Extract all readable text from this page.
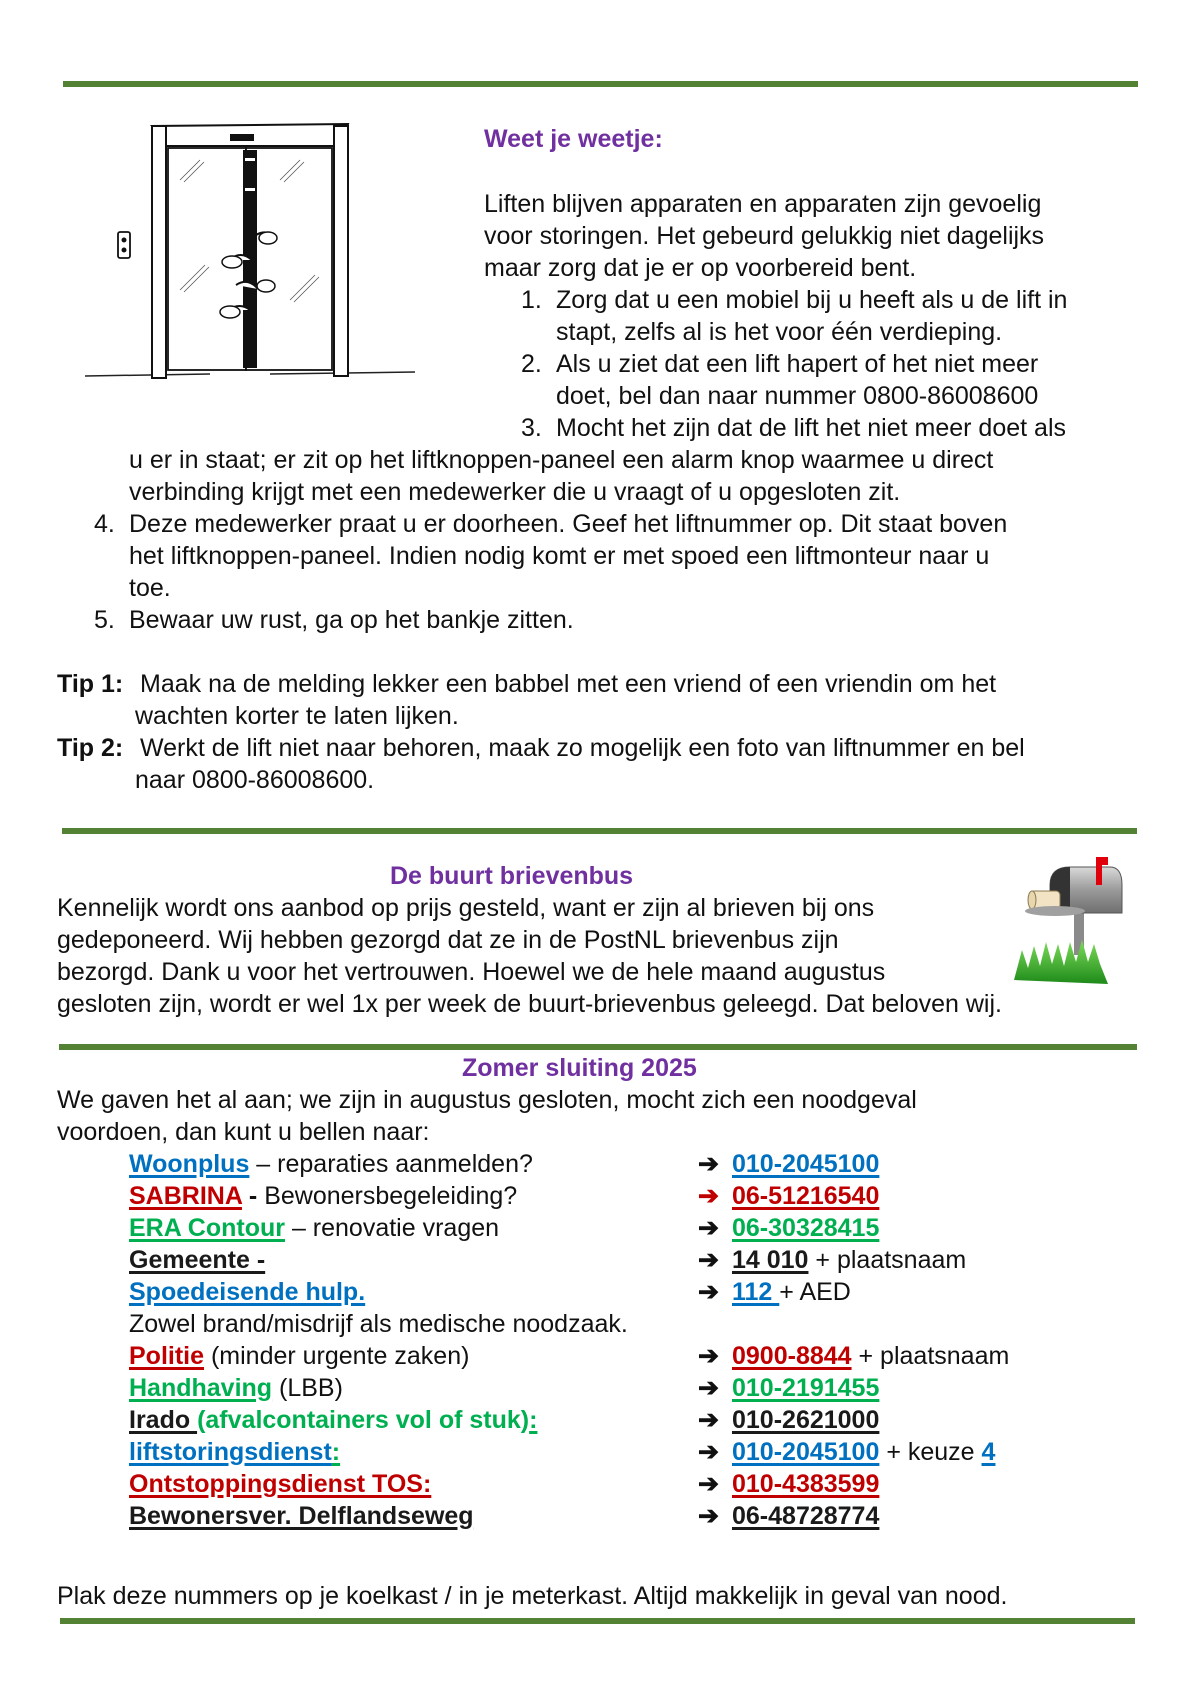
Weet je weetje:
Liften blijven apparaten en apparaten zijn gevoelig
voor storingen. Het gebeurd gelukkig niet dagelijks
maar zorg dat je er op voorbereid bent.
1. Zorg dat u een mobiel bij u heeft als u de lift in
stapt, zelfs al is het voor één verdieping.
2. Als u ziet dat een lift hapert of het niet meer
doet, bel dan naar nummer 0800-86008600
3. Mocht het zijn dat de lift het niet meer doet als
u er in staat; er zit op het liftknoppen-paneel een alarm knop waarmee u direct
verbinding krijgt met een medewerker die u vraagt of u opgesloten zit.
4. Deze medewerker praat u er doorheen. Geef het liftnummer op. Dit staat boven
het liftknoppen-paneel. Indien nodig komt er met spoed een liftmonteur naar u
toe.
5. Bewaar uw rust, ga op het bankje zitten.
Tip 1: Maak na de melding lekker een babbel met een vriend of een vriendin om het
wachten korter te laten lijken.
Tip 2: Werkt de lift niet naar behoren, maak zo mogelijk een foto van liftnummer en bel
naar 0800-86008600.
De buurt brievenbus
Kennelijk wordt ons aanbod op prijs gesteld, want er zijn al brieven bij ons
gedeponeerd. Wij hebben gezorgd dat ze in de PostNL brievenbus zijn
bezorgd. Dank u voor het vertrouwen. Hoewel we de hele maand augustus
gesloten zijn, wordt er wel 1x per week de buurt-brievenbus geleegd. Dat beloven wij.
Zomer sluiting 2025
We gaven het al aan; we zijn in augustus gesloten, mocht zich een noodgeval
voordoen, dan kunt u bellen naar:
Woonplus – reparaties aanmelden?	➔ 010-2045100
SABRINA - Bewonersbegeleiding?	➔ 06-51216540
ERA Contour – renovatie vragen	➔ 06-30328415
Gemeente -	➔ 14 010 + plaatsnaam
Spoedeisende hulp.	➔ 112 + AED
Zowel brand/misdrijf als medische noodzaak.
Politie (minder urgente zaken)	➔ 0900-8844 + plaatsnaam
Handhaving (LBB)	➔ 010-2191455
Irado (afvalcontainers vol of stuk):	➔ 010-2621000
liftstoringsdienst:	➔ 010-2045100 + keuze 4
Ontstoppingsdienst TOS:	➔ 010-4383599
Bewonersver. Delflandseweg	➔ 06-48728774
Plak deze nummers op je koelkast / in je meterkast. Altijd makkelijk in geval van nood.
